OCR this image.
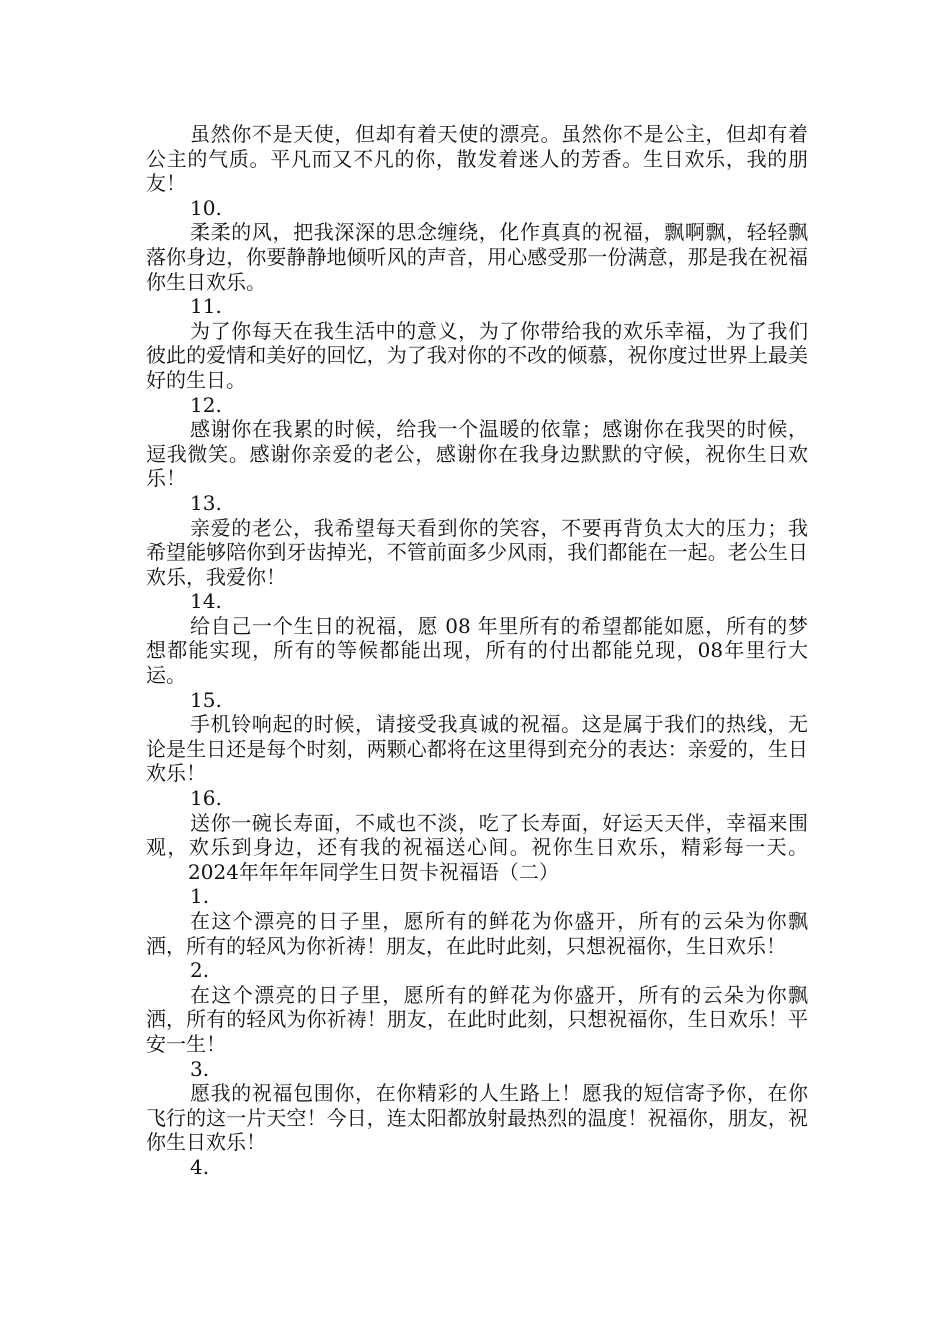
虽然你不是天使，但却有着天使的漂亮。虽然你不是公主，但却有着公主的气质。平凡而又不凡的你，散发着迷人的芳香。生日欢乐，我的朋友！

10.

柔柔的风，把我深深的思念缠绕，化作真真的祝福，飘啊飘，轻轻飘落你身边，你要静静地倾听风的声音，用心感受那一份满意，那是我在祝福你生日欢乐。

11.

为了你每天在我生活中的意义，为了你带给我的欢乐幸福，为了我们彼此的爱情和美好的回忆，为了我对你的不改的倾慕，祝你度过世界上最美好的生日。

12.

感谢你在我累的时候，给我一个温暖的依靠；感谢你在我哭的时候，逗我微笑。感谢你亲爱的老公，感谢你在我身边默默的守候，祝你生日欢乐！

13.

亲爱的老公，我希望每天看到你的笑容，不要再背负太大的压力；我希望能够陪你到牙齿掉光，不管前面多少风雨，我们都能在一起。老公生日欢乐，我爱你！

14.

给自己一个生日的祝福，愿 08 年里所有的希望都能如愿，所有的梦想都能实现，所有的等候都能出现，所有的付出都能兑现，08年里行大运。

15.

手机铃响起的时候，请接受我真诚的祝福。这是属于我们的热线，无论是生日还是每个时刻，两颗心都将在这里得到充分的表达：亲爱的，生日欢乐！

16.

送你一碗长寿面，不咸也不淡，吃了长寿面，好运天天伴，幸福来围观，欢乐到身边，还有我的祝福送心间。祝你生日欢乐，精彩每一天。2024年年年年同学生日贺卡祝福语（二）

1.

在这个漂亮的日子里，愿所有的鲜花为你盛开，所有的云朵为你飘洒，所有的轻风为你祈祷！朋友，在此时此刻，只想祝福你，生日欢乐！

2.

在这个漂亮的日子里，愿所有的鲜花为你盛开，所有的云朵为你飘洒，所有的轻风为你祈祷！朋友，在此时此刻，只想祝福你，生日欢乐！平安一生！

3.

愿我的祝福包围你，在你精彩的人生路上！愿我的短信寄予你，在你飞行的这一片天空！今日，连太阳都放射最热烈的温度！祝福你，朋友，祝你生日欢乐！

4.
